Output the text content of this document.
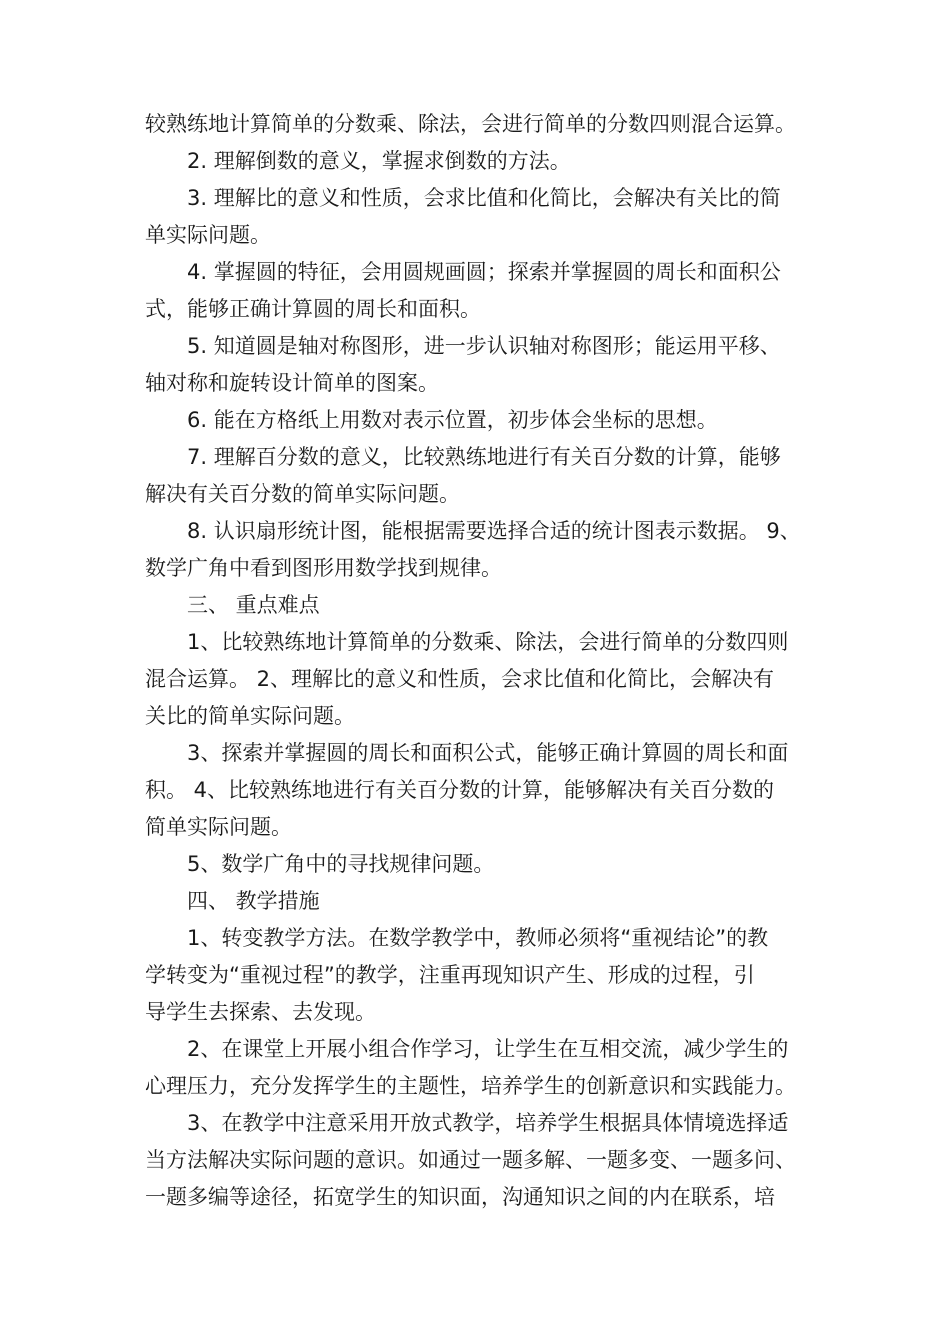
较熟练地计算简单的分数乘、除法，会进行简单的分数四则混合运算。
2. 理解倒数的意义，掌握求倒数的方法。
3. 理解比的意义和性质，会求比值和化简比，会解决有关比的简
单实际问题。
4. 掌握圆的特征，会用圆规画圆；探索并掌握圆的周长和面积公
式，能够正确计算圆的周长和面积。
5. 知道圆是轴对称图形，进一步认识轴对称图形；能运用平移、
轴对称和旋转设计简单的图案。
6. 能在方格纸上用数对表示位置，初步体会坐标的思想。
7. 理解百分数的意义，比较熟练地进行有关百分数的计算，能够
解决有关百分数的简单实际问题。
8. 认识扇形统计图，能根据需要选择合适的统计图表示数据。 9、
数学广角中看到图形用数学找到规律。
三、 重点难点
1、比较熟练地计算简单的分数乘、除法，会进行简单的分数四则
混合运算。 2、理解比的意义和性质，会求比值和化简比，会解决有
关比的简单实际问题。
3、探索并掌握圆的周长和面积公式，能够正确计算圆的周长和面
积。 4、比较熟练地进行有关百分数的计算，能够解决有关百分数的
简单实际问题。
5、数学广角中的寻找规律问题。
四、 教学措施
1、转变教学方法。在数学教学中，教师必须将“重视结论”的教
学转变为“重视过程”的教学，注重再现知识产生、形成的过程，引
导学生去探索、去发现。
2、在课堂上开展小组合作学习，让学生在互相交流，减少学生的
心理压力，充分发挥学生的主题性，培养学生的创新意识和实践能力。
3、在教学中注意采用开放式教学，培养学生根据具体情境选择适
当方法解决实际问题的意识。如通过一题多解、一题多变、一题多问、
一题多编等途径，拓宽学生的知识面，沟通知识之间的内在联系，培
